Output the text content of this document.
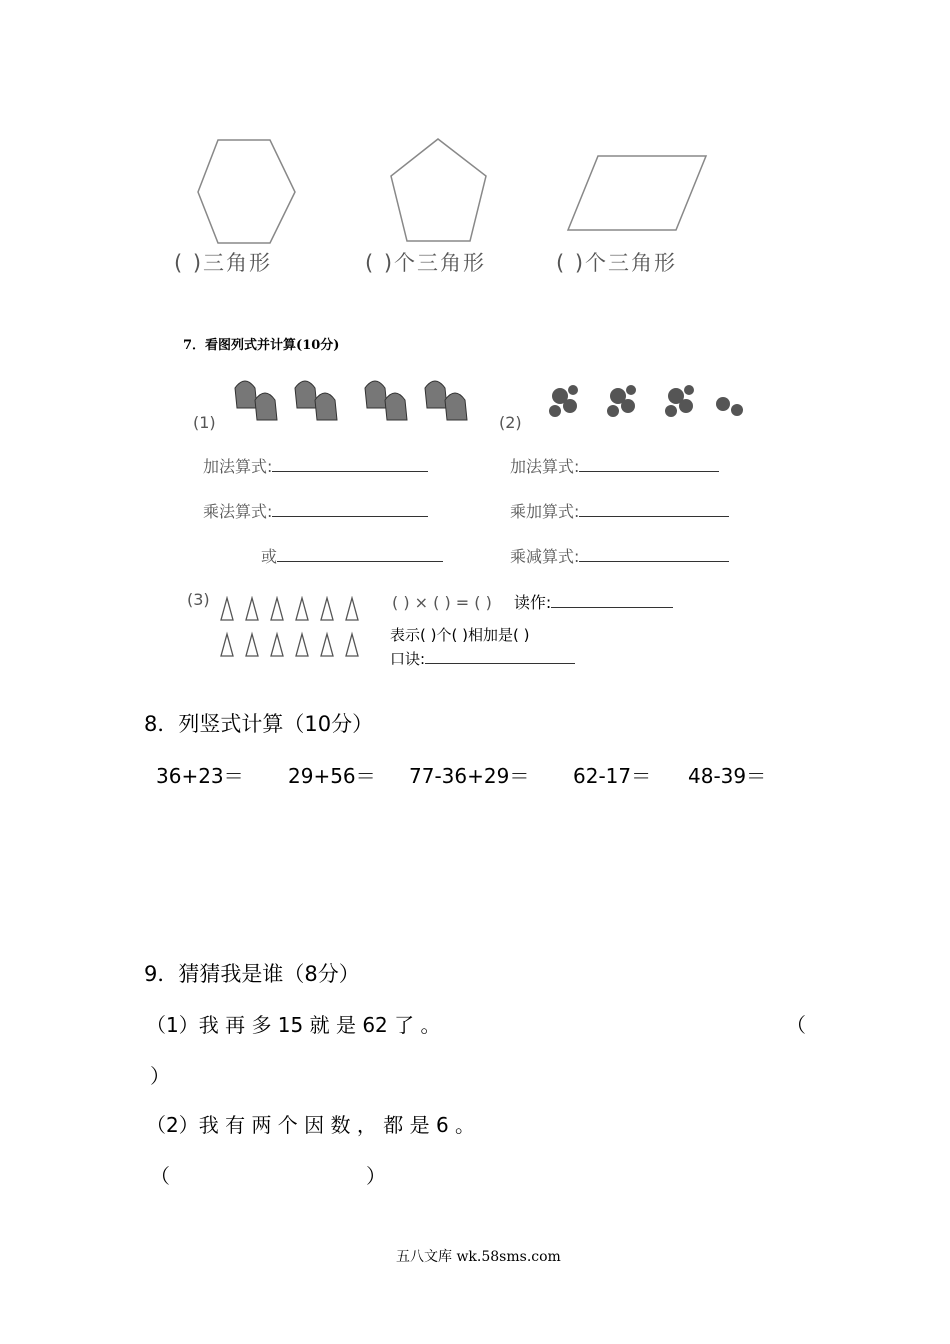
( )三角形	( )个三角形	( )个三角形
7．看图列式并计算(10分)
(1)	(2)
加法算式:
乘法算式:
或
加法算式:
乘加算式:
乘减算式:
(3)	( ) × ( ) = ( ) 读作:
表示( )个( )相加是( )
口诀:
8．列竖式计算（10分）
36+23＝ 29+56＝ 77-36+29＝ 62-17＝ 48-39＝
9．猜猜我是谁（8分）
（1）我 再 多 15 就 是 62 了 。	（
）
（2）我 有 两 个 因 数 ， 都 是 6 。
（	）
五八文库 wk.58sms.com
